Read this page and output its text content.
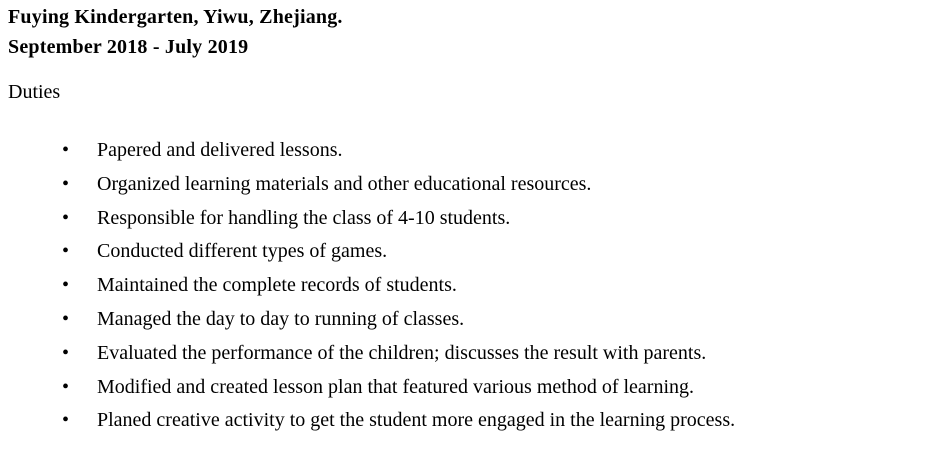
Fuying Kindergarten, Yiwu, Zhejiang.
September 2018 - July 2019
Duties
•	Papered and delivered lessons.
•	Organized learning materials and other educational resources.
•	Responsible for handling the class of 4-10 students.
•	Conducted different types of games.
•	Maintained the complete records of students.
•	Managed the day to day to running of classes.
•	Evaluated the performance of the children; discusses the result with parents.
•	Modified and created lesson plan that featured various method of learning.
•	Planed creative activity to get the student more engaged in the learning process.
